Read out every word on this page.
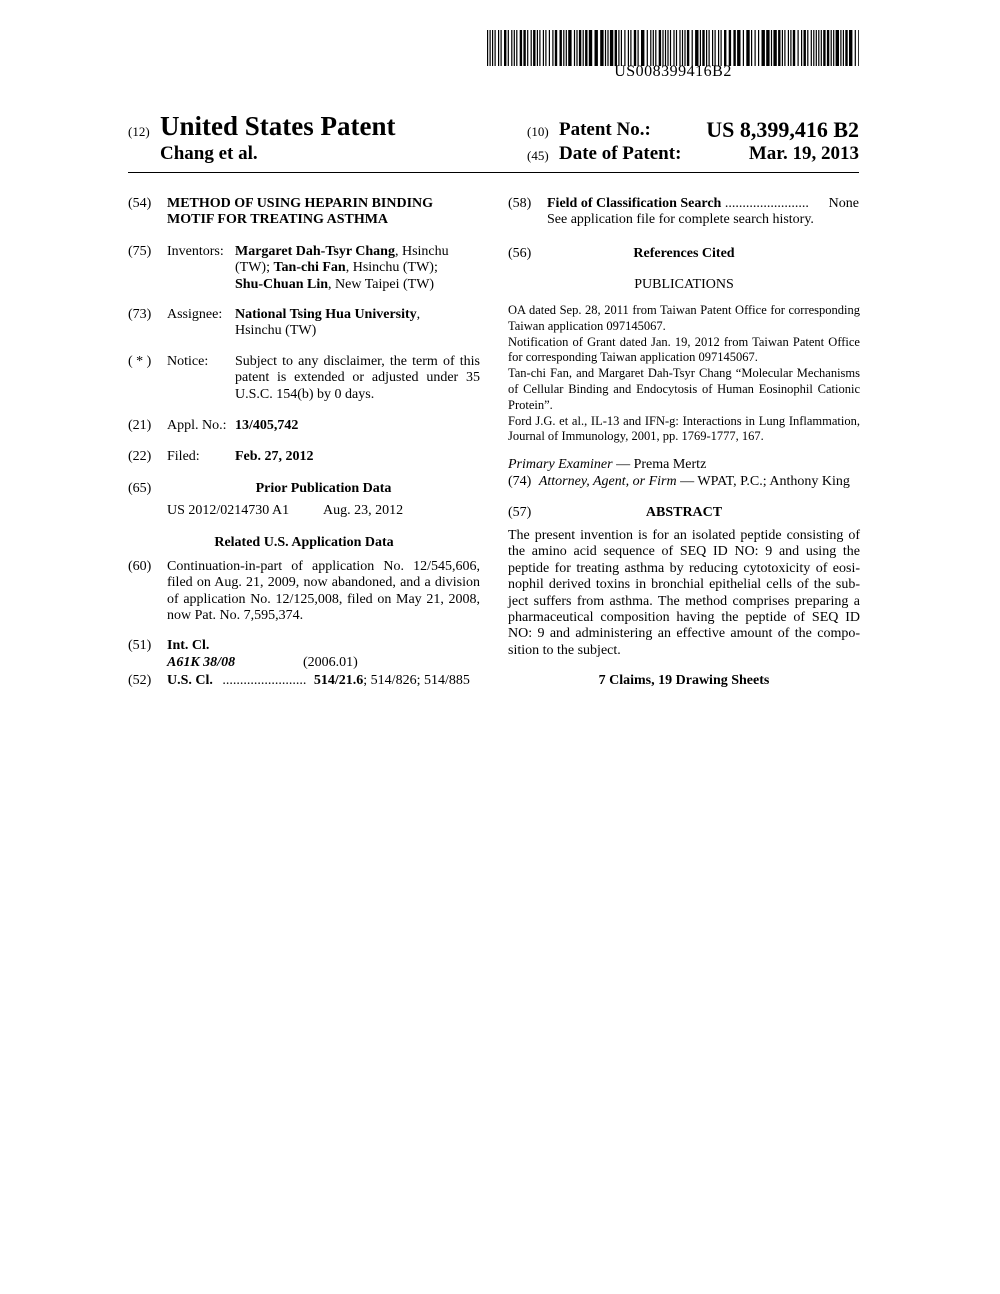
US008399416B2
(12) United States Patent
Chang et al.
(10) Patent No.:	US 8,399,416 B2
(45) Date of Patent:	Mar. 19, 2013
(54) METHOD OF USING HEPARIN BINDING
MOTIF FOR TREATING ASTHMA
(75) Inventors: Margaret Dah-Tsyr Chang, Hsinchu
(TW); Tan-chi Fan, Hsinchu (TW);
Shu-Chuan Lin, New Taipei (TW)
(73) Assignee: National Tsing Hua University,
Hsinchu (TW)
( * ) Notice: Subject to any disclaimer, the term of this
patent is extended or adjusted under 35
U.S.C. 154(b) by 0 days.
(21) Appl. No.: 13/405,742
(22) Filed:	Feb. 27, 2012
(65)	Prior Publication Data
US 2012/0214730 A1 Aug. 23, 2012
Related U.S. Application Data
(60) Continuation-in-part of application No. 12/545,606,
filed on Aug. 21, 2009, now abandoned, and a division
of application No. 12/125,008, filed on May 21, 2008,
now Pat. No. 7,595,374.
(51) Int. Cl.
A61K 38/08	(2006.01)
(52) U.S. Cl. ........................ 514/21.6; 514/826; 514/885
(58) Field of Classification Search ........................ None
See application file for complete search history.
(56)	References Cited
PUBLICATIONS
OA dated Sep. 28, 2011 from Taiwan Patent Office for corresponding
Taiwan application 097145067.
Notification of Grant dated Jan. 19, 2012 from Taiwan Patent Office
for corresponding Taiwan application 097145067.
Tan-chi Fan, and Margaret Dah-Tsyr Chang “Molecular Mechanisms
of Cellular Binding and Endocytosis of Human Eosinophil Cationic
Protein”.
Ford J.G. et al., IL-13 and IFN-g: Interactions in Lung Inflammation,
Journal of Immunology, 2001, pp. 1769-1777, 167.
Primary Examiner — Prema Mertz
(74) Attorney, Agent, or Firm — WPAT, P.C.; Anthony King
(57)	ABSTRACT
The present invention is for an isolated peptide consisting of
the amino acid sequence of SEQ ID NO: 9 and using the
peptide for treating asthma by reducing cytotoxicity of eosi-
nophil derived toxins in bronchial epithelial cells of the sub-
ject suffers from asthma. The method comprises preparing a
pharmaceutical composition having the peptide of SEQ ID
NO: 9 and administering an effective amount of the compo-
sition to the subject.
7 Claims, 19 Drawing Sheets
